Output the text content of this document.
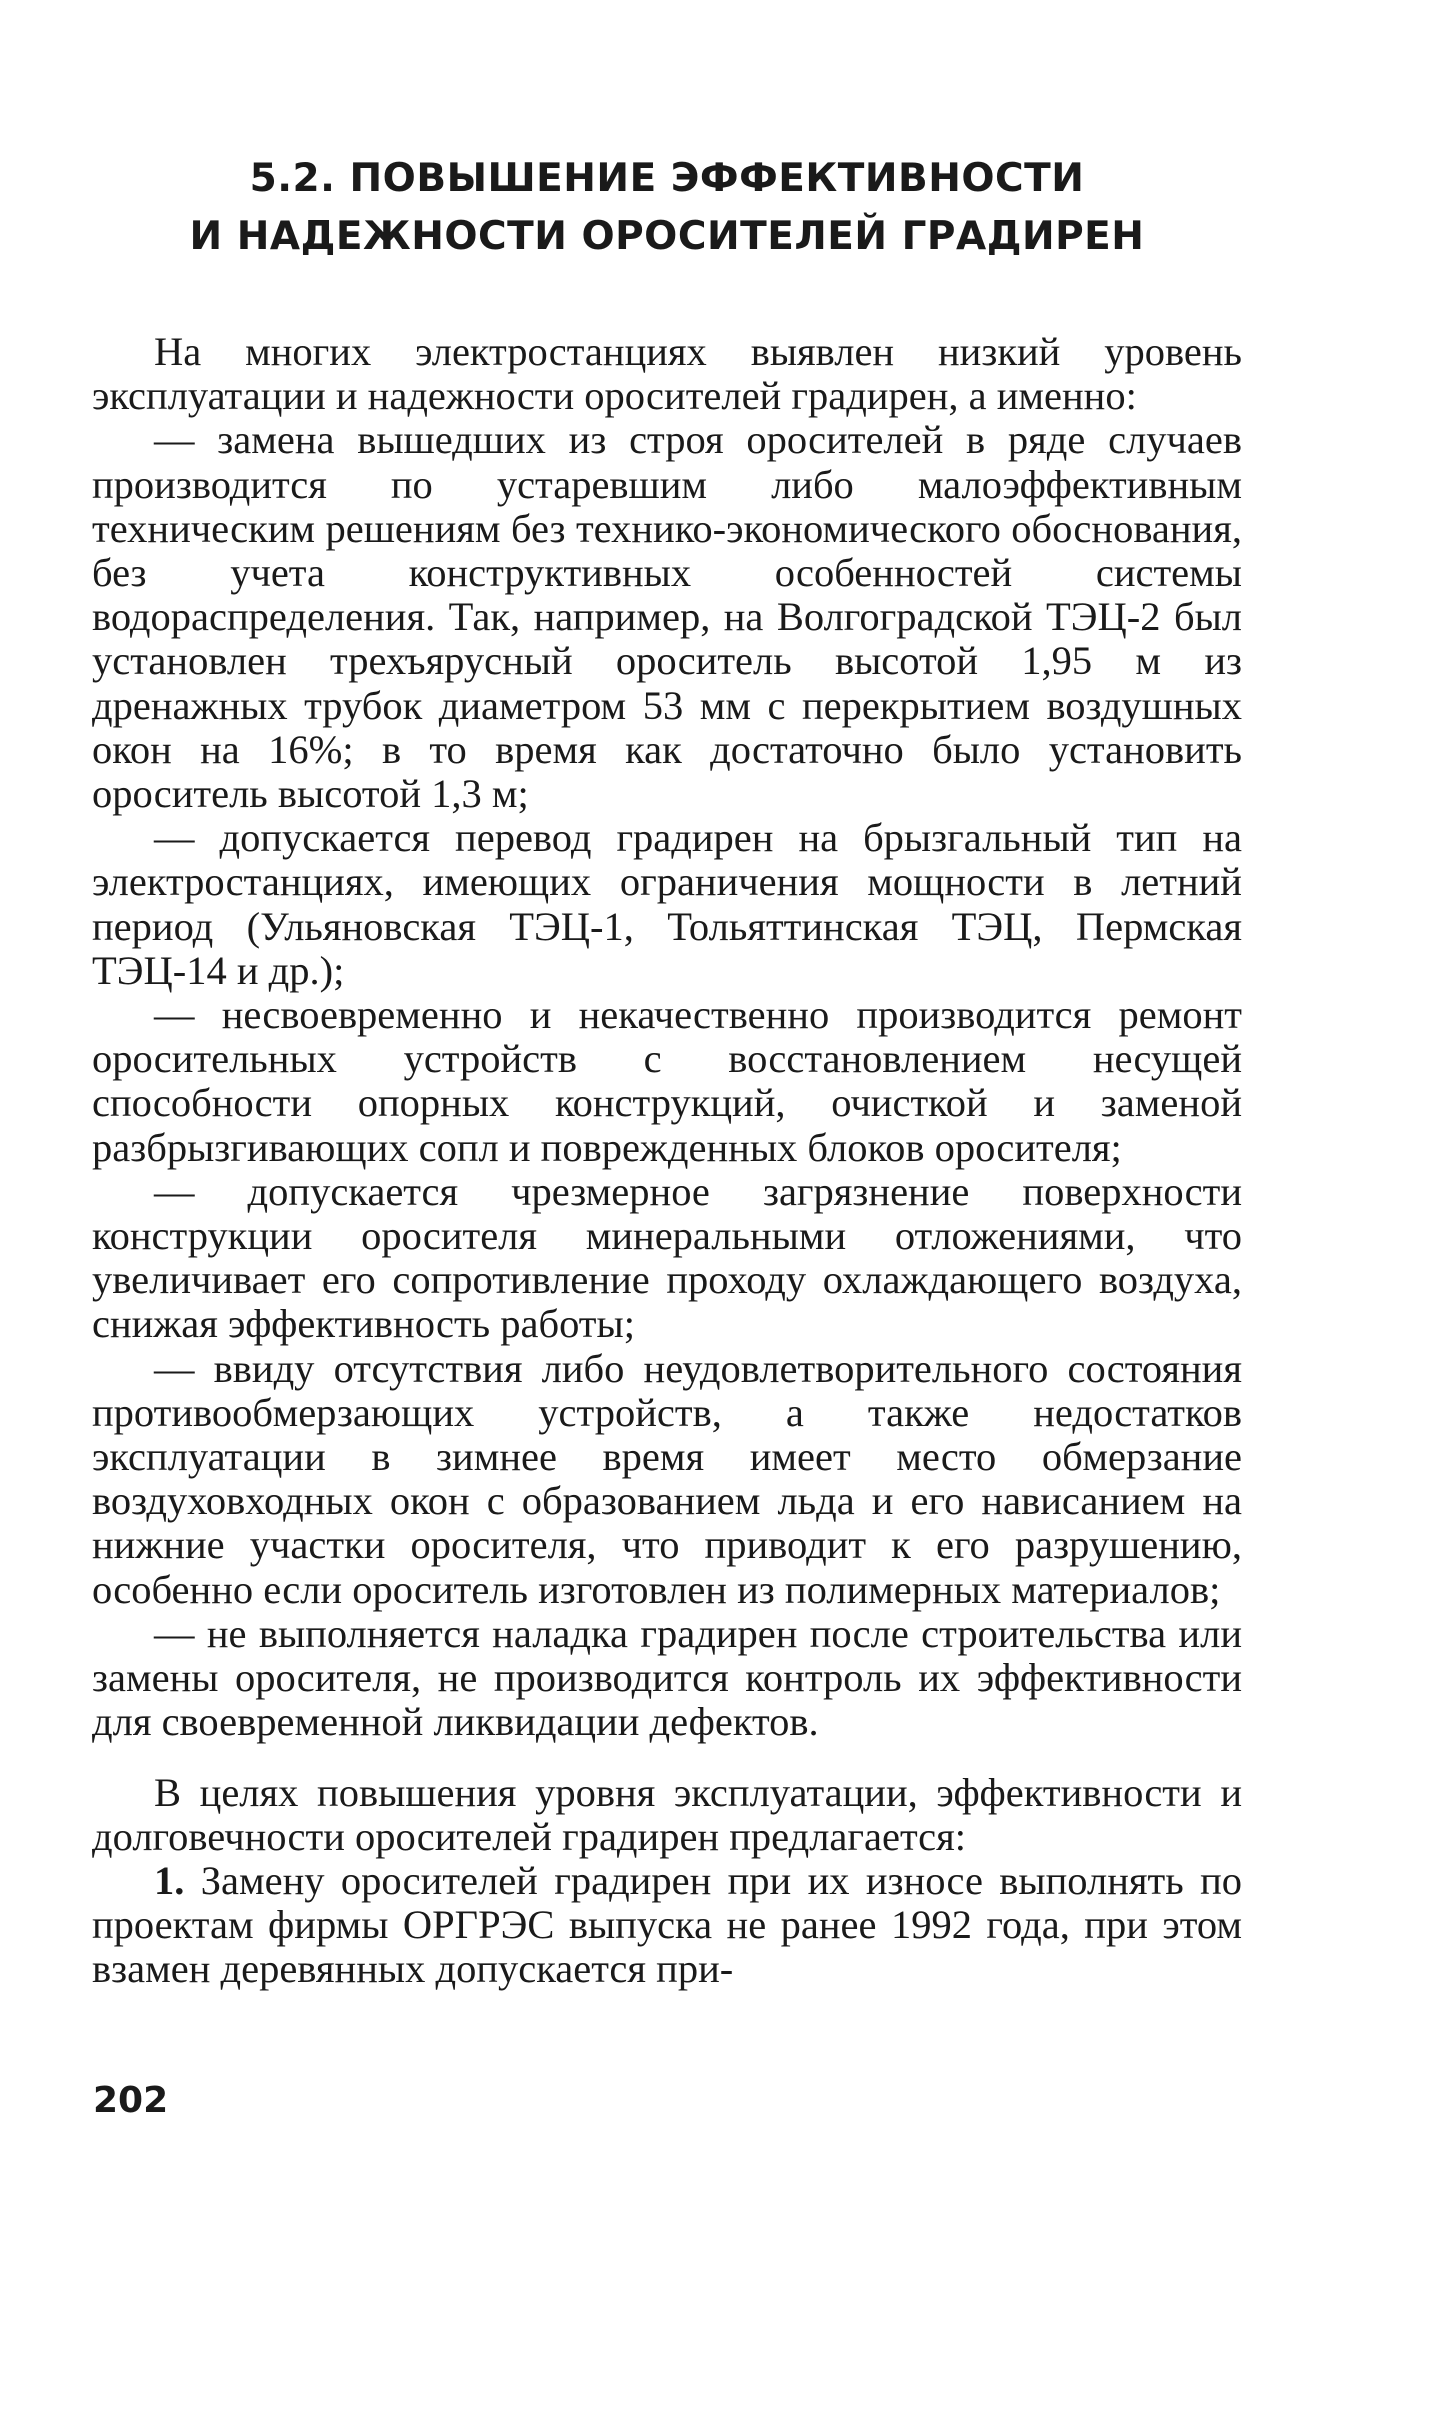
5.2. ПОВЫШЕНИЕ ЭФФЕКТИВНОСТИ
И НАДЕЖНОСТИ ОРОСИТЕЛЕЙ ГРАДИРЕН

На многих электростанциях выявлен низкий уровень эксплуатации и надежности оросителей градирен, а именно:

— замена вышедших из строя оросителей в ряде случаев производится по устаревшим либо малоэффективным техническим решениям без технико-экономического обоснования, без учета конструктивных особенностей системы водораспределения. Так, например, на Волгоградской ТЭЦ-2 был установлен трехъярусный ороситель высотой 1,95 м из дренажных трубок диаметром 53 мм с перекрытием воздушных окон на 16%; в то время как достаточно было установить ороситель высотой 1,3 м;

— допускается перевод градирен на брызгальный тип на электростанциях, имеющих ограничения мощности в летний период (Ульяновская ТЭЦ-1, Тольяттинская ТЭЦ, Пермская ТЭЦ-14 и др.);

— несвоевременно и некачественно производится ремонт оросительных устройств с восстановлением несущей способности опорных конструкций, очисткой и заменой разбрызгивающих сопл и поврежденных блоков оросителя;

— допускается чрезмерное загрязнение поверхности конструкции оросителя минеральными отложениями, что увеличивает его сопротивление проходу охлаждающего воздуха, снижая эффективность работы;

— ввиду отсутствия либо неудовлетворительного состояния противообмерзающих устройств, а также недостатков эксплуатации в зимнее время имеет место обмерзание воздуховходных окон с образованием льда и его нависанием на нижние участки оросителя, что приводит к его разрушению, особенно если ороситель изготовлен из полимерных материалов;

— не выполняется наладка градирен после строительства или замены оросителя, не производится контроль их эффективности для своевременной ликвидации дефектов.

В целях повышения уровня эксплуатации, эффективности и долговечности оросителей градирен предлагается:

1. Замену оросителей градирен при их износе выполнять по проектам фирмы ОРГРЭС выпуска не ранее 1992 года, при этом взамен деревянных допускается при-

202
